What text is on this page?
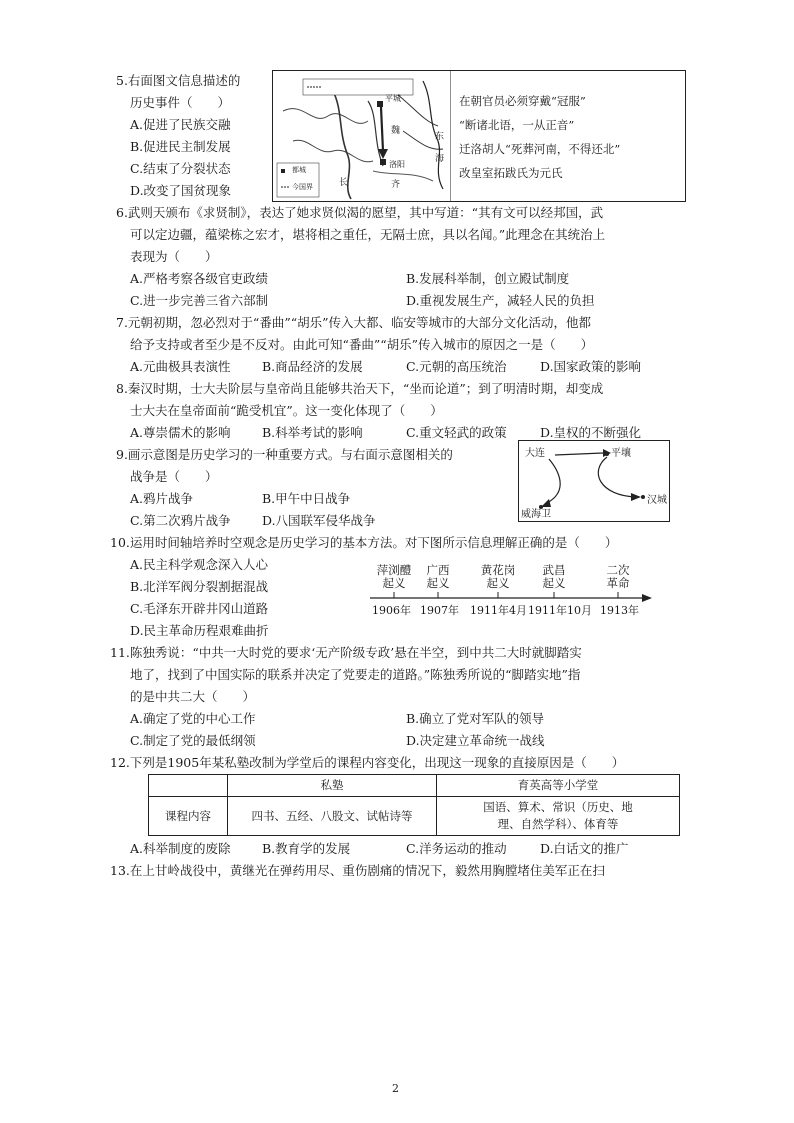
5.右面图文信息描述的
历史事件（　　）
A.促进了民族交融
B.促进民主制发展
C.结束了分裂状态
D.改变了国贫现象
都城
今国界
平城
洛阳
齐
东
海
魏
长
在朝官员必须穿戴“冠服”
“断诸北语，一从正音”
迁洛胡人“死葬河南，不得还北”
改皇室拓跋氏为元氏
6.武则天颁布《求贤制》，表达了她求贤似渴的愿望，其中写道：“其有文可以经邦国，武
可以定边疆，蕴梁栋之宏才，堪将相之重任，无隔士庶，具以名闻。”此理念在其统治上
表现为（　　）
A.严格考察各级官吏政绩	B.发展科举制，创立殿试制度
C.进一步完善三省六部制	D.重视发展生产，减轻人民的负担
7.元朝初期，忽必烈对于“番曲”“胡乐”传入大都、临安等城市的大部分文化活动，他都
给予支持或者至少是不反对。由此可知“番曲”“胡乐”传入城市的原因之一是（　　）
A.元曲极具表演性	B.商品经济的发展	C.元朝的高压统治	D.国家政策的影响
8.秦汉时期，士大夫阶层与皇帝尚且能够共治天下，“坐而论道”；到了明清时期，却变成
士大夫在皇帝面前“跪受机宜”。这一变化体现了（　　）
A.尊崇儒术的影响	B.科举考试的影响	C.重文轻武的政策	D.皇权的不断强化
9.画示意图是历史学习的一种重要方式。与右面示意图相关的
战争是（　　）
A.鸦片战争	B.甲午中日战争
C.第二次鸦片战争	D.八国联军侵华战争
大连	平壤
汉城
威海卫
10.运用时间轴培养时空观念是历史学习的基本方法。对下图所示信息理解正确的是（　　）
A.民主科学观念深入人心
B.北洋军阀分裂割据混战
C.毛泽东开辟井冈山道路
D.民主革命历程艰难曲折
萍浏醴
起义
广西
起义
黄花岗
起义
武昌
起义
二次
革命
1906年 1907年 1911年4月 1911年10月 1913年
11.陈独秀说：“中共一大时党的要求‘无产阶级专政’悬在半空，到中共二大时就脚踏实
地了，找到了中国实际的联系并决定了党要走的道路。”陈独秀所说的“脚踏实地”指
的是中共二大（　　）
A.确定了党的中心工作	B.确立了党对军队的领导
C.制定了党的最低纲领	D.决定建立革命统一战线
12.下列是1905年某私塾改制为学堂后的课程内容变化，出现这一现象的直接原因是（　　）
	私塾	育英高等小学堂
课程内容	四书、五经、八股文、试帖诗等	国语、算术、常识（历史、地
理、自然学科）、体育等
A.科举制度的废除	B.教育学的发展	C.洋务运动的推动	D.白话文的推广
13.在上甘岭战役中，黄继光在弹药用尽、重伤剧痛的情况下，毅然用胸膛堵住美军正在扫
2
